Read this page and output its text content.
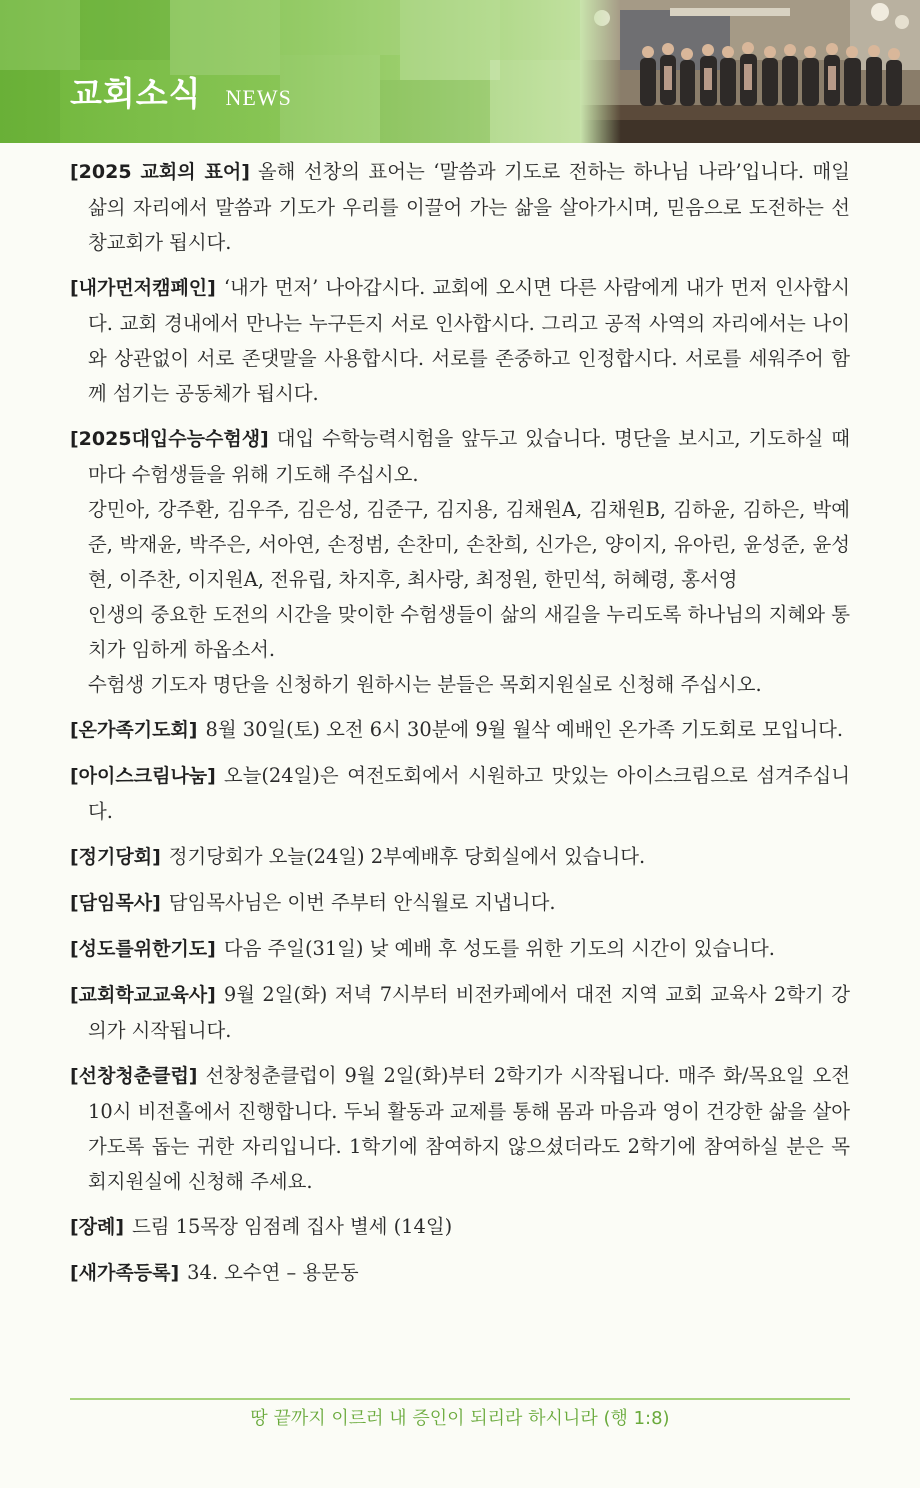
교회소식 NEWS

[2025 교회의 표어] 올해 선창의 표어는 ‘말씀과 기도로 전하는 하나님 나라’입니다. 매일 삶의 자리에서 말씀과 기도가 우리를 이끌어 가는 삶을 살아가시며, 믿음으로 도전하는 선창교회가 됩시다.

[내가먼저캠페인] ‘내가 먼저’ 나아갑시다. 교회에 오시면 다른 사람에게 내가 먼저 인사합시다. 교회 경내에서 만나는 누구든지 서로 인사합시다. 그리고 공적 사역의 자리에서는 나이와 상관없이 서로 존댓말을 사용합시다. 서로를 존중하고 인정합시다. 서로를 세워주어 함께 섬기는 공동체가 됩시다.

[2025대입수능수험생] 대입 수학능력시험을 앞두고 있습니다. 명단을 보시고, 기도하실 때마다 수험생들을 위해 기도해 주십시오.

강민아, 강주환, 김우주, 김은성, 김준구, 김지용, 김채원A, 김채원B, 김하윤, 김하은, 박예준, 박재윤, 박주은, 서아연, 손정범, 손찬미, 손찬희, 신가은, 양이지, 유아린, 윤성준, 윤성현, 이주찬, 이지원A, 전유립, 차지후, 최사랑, 최정원, 한민석, 허혜령, 홍서영

인생의 중요한 도전의 시간을 맞이한 수험생들이 삶의 새길을 누리도록 하나님의 지혜와 통치가 임하게 하옵소서.

수험생 기도자 명단을 신청하기 원하시는 분들은 목회지원실로 신청해 주십시오.

[온가족기도회] 8월 30일(토) 오전 6시 30분에 9월 월삭 예배인 온가족 기도회로 모입니다.

[아이스크림나눔] 오늘(24일)은 여전도회에서 시원하고 맛있는 아이스크림으로 섬겨주십니다.

[정기당회] 정기당회가 오늘(24일) 2부예배후 당회실에서 있습니다.

[담임목사] 담임목사님은 이번 주부터 안식월로 지냅니다.

[성도를위한기도] 다음 주일(31일) 낮 예배 후 성도를 위한 기도의 시간이 있습니다.

[교회학교교육사] 9월 2일(화) 저녁 7시부터 비전카페에서 대전 지역 교회 교육사 2학기 강의가 시작됩니다.

[선창청춘클럽] 선창청춘클럽이 9월 2일(화)부터 2학기가 시작됩니다. 매주 화/목요일 오전 10시 비전홀에서 진행합니다. 두뇌 활동과 교제를 통해 몸과 마음과 영이 건강한 삶을 살아가도록 돕는 귀한 자리입니다. 1학기에 참여하지 않으셨더라도 2학기에 참여하실 분은 목회지원실에 신청해 주세요.

[장례] 드림 15목장 임점례 집사 별세 (14일)

[새가족등록] 34. 오수연 – 용문동

땅 끝까지 이르러 내 증인이 되리라 하시니라 (행 1:8)
